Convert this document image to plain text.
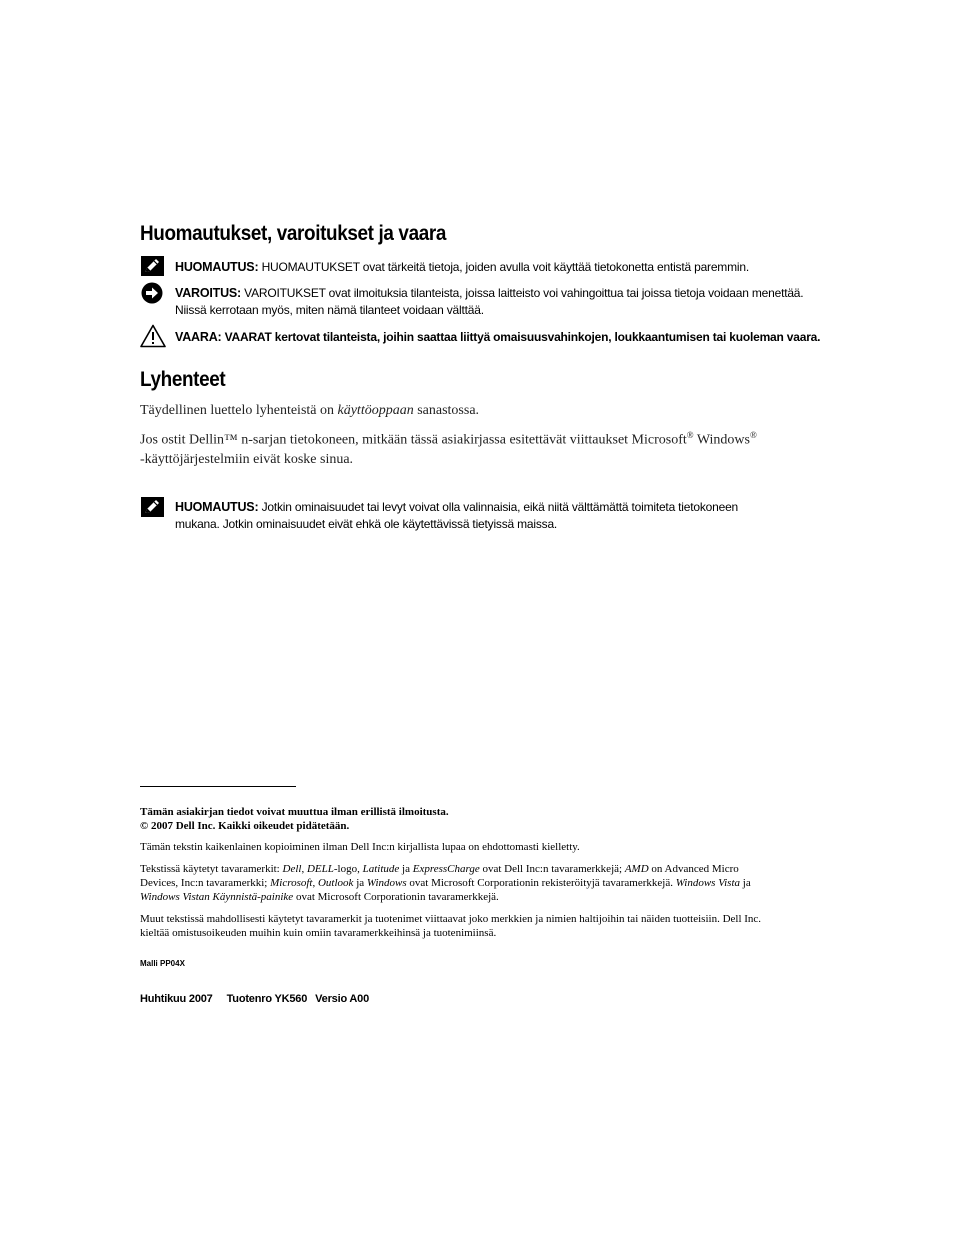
Huomautukset, varoitukset ja vaara
HUOMAUTUS: HUOMAUTUKSET ovat tärkeitä tietoja, joiden avulla voit käyttää tietokonetta entistä paremmin.
VAROITUS: VAROITUKSET ovat ilmoituksia tilanteista, joissa laitteisto voi vahingoittua tai joissa tietoja voidaan menettää.
Niissä kerrotaan myös, miten nämä tilanteet voidaan välttää.
VAARA: VAARAT kertovat tilanteista, joihin saattaa liittyä omaisuusvahinkojen, loukkaantumisen tai kuoleman vaara.
Lyhenteet
Täydellinen luettelo lyhenteistä on käyttöoppaan sanastossa.
Jos ostit Dellin™ n-sarjan tietokoneen, mitkään tässä asiakirjassa esitettävät viittaukset Microsoft® Windows®
-käyttöjärjestelmiin eivät koske sinua.
HUOMAUTUS: Jotkin ominaisuudet tai levyt voivat olla valinnaisia, eikä niitä välttämättä toimiteta tietokoneen
mukana. Jotkin ominaisuudet eivät ehkä ole käytettävissä tietyissä maissa.
Tämän asiakirjan tiedot voivat muuttua ilman erillistä ilmoitusta.
© 2007 Dell Inc. Kaikki oikeudet pidätetään.
Tämän tekstin kaikenlainen kopioiminen ilman Dell Inc:n kirjallista lupaa on ehdottomasti kielletty.
Tekstissä käytetyt tavaramerkit: Dell, DELL-logo, Latitude ja ExpressCharge ovat Dell Inc:n tavaramerkkejä; AMD on Advanced Micro
Devices, Inc:n tavaramerkki; Microsoft, Outlook ja Windows ovat Microsoft Corporationin rekisteröityjä tavaramerkkejä. Windows Vista ja
Windows Vistan Käynnistä-painike ovat Microsoft Corporationin tavaramerkkejä.
Muut tekstissä mahdollisesti käytetyt tavaramerkit ja tuotenimet viittaavat joko merkkien ja nimien haltijoihin tai näiden tuotteisiin. Dell Inc.
kieltää omistusoikeuden muihin kuin omiin tavaramerkkeihinsä ja tuotenimiinsä.
Malli PP04X
Huhtikuu 2007 Tuotenro YK560 Versio A00
